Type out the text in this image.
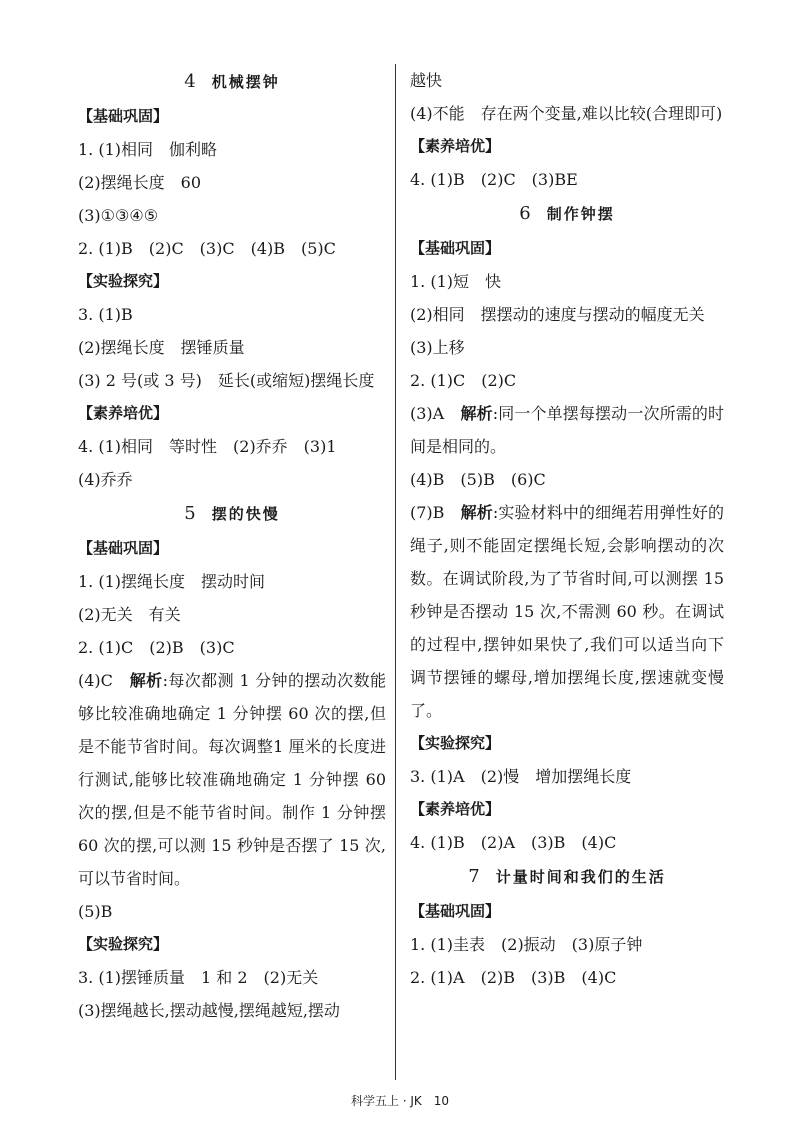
4 机械摆钟
【基础巩固】
1. (1)相同　伽利略
(2)摆绳长度　60
(3)①③④⑤
2. (1)B　(2)C　(3)C　(4)B　(5)C
【实验探究】
3. (1)B
(2)摆绳长度　摆锤质量
(3) 2 号(或 3 号)　延长(或缩短)摆绳长度
【素养培优】
4. (1)相同　等时性　(2)乔乔　(3)1
(4)乔乔
5 摆的快慢
【基础巩固】
1. (1)摆绳长度　摆动时间
(2)无关　有关
2. (1)C　(2)B　(3)C
(4)C　解析:每次都测 1 分钟的摆动次数能够比较准确地确定 1 分钟摆 60 次的摆,但是不能节省时间。每次调整1 厘米的长度进行测试,能够比较准确地确定 1 分钟摆 60 次的摆,但是不能节省时间。制作 1 分钟摆 60 次的摆,可以测 15 秒钟是否摆了 15 次,可以节省时间。
(5)B
【实验探究】
3. (1)摆锤质量　1 和 2　(2)无关
(3)摆绳越长,摆动越慢,摆绳越短,摆动
越快
(4)不能　存在两个变量,难以比较(合理即可)
【素养培优】
4. (1)B　(2)C　(3)BE
6 制作钟摆
【基础巩固】
1. (1)短　快
(2)相同　摆摆动的速度与摆动的幅度无关
(3)上移
2. (1)C　(2)C
(3)A　解析:同一个单摆每摆动一次所需的时间是相同的。
(4)B　(5)B　(6)C
(7)B　解析:实验材料中的细绳若用弹性好的绳子,则不能固定摆绳长短,会影响摆动的次数。在调试阶段,为了节省时间,可以测摆 15 秒钟是否摆动 15 次,不需测 60 秒。在调试的过程中,摆钟如果快了,我们可以适当向下调节摆锤的螺母,增加摆绳长度,摆速就变慢了。
【实验探究】
3. (1)A　(2)慢　增加摆绳长度
【素养培优】
4. (1)B　(2)A　(3)B　(4)C
7 计量时间和我们的生活
【基础巩固】
1. (1)圭表　(2)振动　(3)原子钟
2. (1)A　(2)B　(3)B　(4)C
科学五上 · JK　10
